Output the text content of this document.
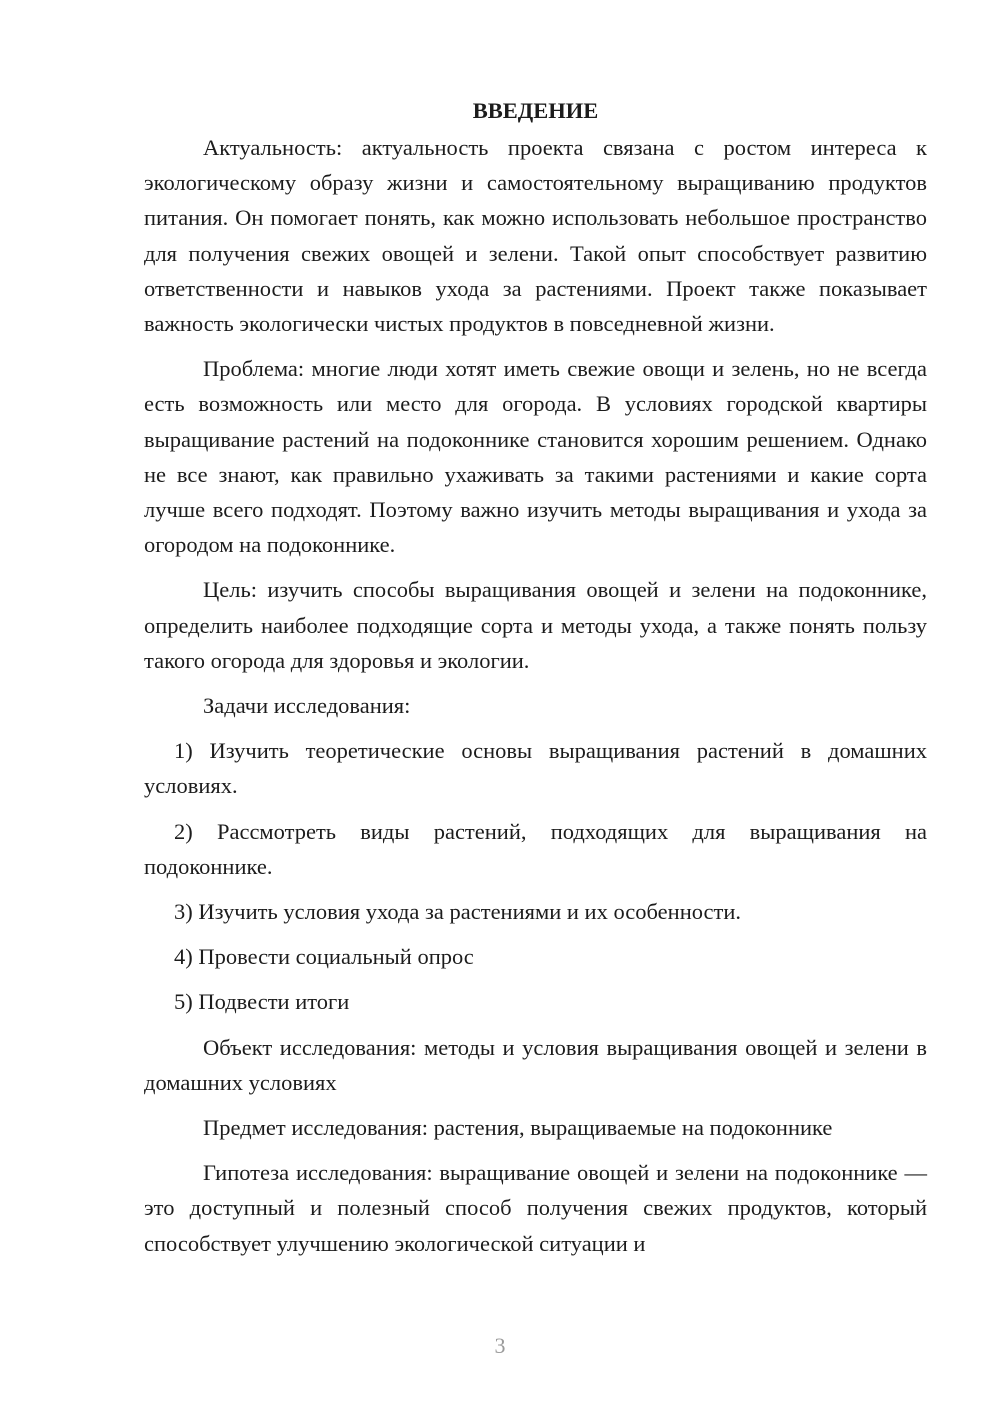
ВВЕДЕНИЕ

Актуальность: актуальность проекта связана с ростом интереса к экологическому образу жизни и самостоятельному выращиванию продуктов питания. Он помогает понять, как можно использовать небольшое пространство для получения свежих овощей и зелени. Такой опыт способствует развитию ответственности и навыков ухода за растениями. Проект также показывает важность экологически чистых продуктов в повседневной жизни.

Проблема: многие люди хотят иметь свежие овощи и зелень, но не всегда есть возможность или место для огорода. В условиях городской квартиры выращивание растений на подоконнике становится хорошим решением. Однако не все знают, как правильно ухаживать за такими растениями и какие сорта лучше всего подходят. Поэтому важно изучить методы выращивания и ухода за огородом на подоконнике.

Цель: изучить способы выращивания овощей и зелени на подоконнике, определить наиболее подходящие сорта и методы ухода, а также понять пользу такого огорода для здоровья и экологии.

Задачи исследования:

1) Изучить теоретические основы выращивания растений в домашних условиях.

2) Рассмотреть виды растений, подходящих для выращивания на подоконнике.

3) Изучить условия ухода за растениями и их особенности.

4) Провести социальный опрос

5) Подвести итоги

Объект исследования: методы и условия выращивания овощей и зелени в домашних условиях

Предмет исследования: растения, выращиваемые на подоконнике

Гипотеза исследования: выращивание овощей и зелени на подоконнике — это доступный и полезный способ получения свежих продуктов, который способствует улучшению экологической ситуации и

3
